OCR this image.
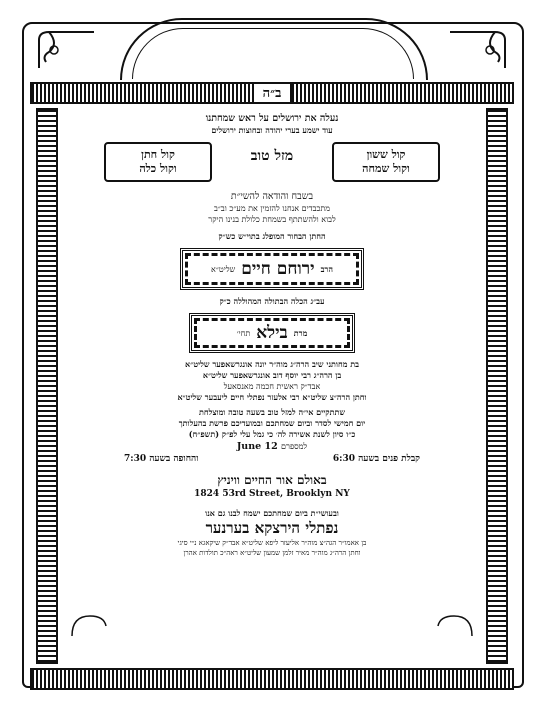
ב״ה
נעלה את ירושלים על ראש שמחתנו
עוד ישמע בערי יהודה ובחוצות ירושלים
קול ששון
וקול שמחה
מזל טוב
קול חתן
וקול כלה
בשבח והודאה להשי״ת
מתכבדים אנחנו להזמין את מע״כ וב״ב
לבוא ולהשתתף בשמחת כלולת בנינו היקר
החתן הבחור המופלג בתוי״ש כש״ק
הרב
ירוחם חיים
שליט״א
עב״ג הכלה הבתולה המהוללה כ״ק
מרת
בילא
תחי׳
בת מחותני שיב הרה״ג מוה״ר יונה אונגרשאפער שליט״א
בן הרה״ג רבי יוסף דוב אונגרשאפער שליט״א
אבד״ק ראשית חכמה מאנסאעל
וחתן הרה״צ שליט״א רבי אלעזר נפתלי חיים ליעבער שליט״א
שתתקיים אי״ה למזל טוב בשעה טובה ומוצלחת
יום חמישי לסדר וביום שמחתכם ובמועדיכם פרשת בהעלותך
כ״ו סיון לשנת אשירה לה׳ כי גמל עלי לפ״ק (תשפ״ח)
June 12 למספרם
קבלת פנים בשעה 6:30
והחופה בשעה 7:30
באולם אור החיים וויניץ
1824 53rd Street, Brooklyn NY
ובעושי״ת ביום שמחתכם ישמח לבנו גם אנו
נפתלי הירצקא בערנער
בן אאמו״ר הגה״צ מוה״ר אליעזר ליפא שליט״א אבד״ק שיקאגא נ״י סיגי
וחתן הרה״ג מוה״ר מאיר זלמן שמעון שליט״א ראה״כ תולדות אהרן
